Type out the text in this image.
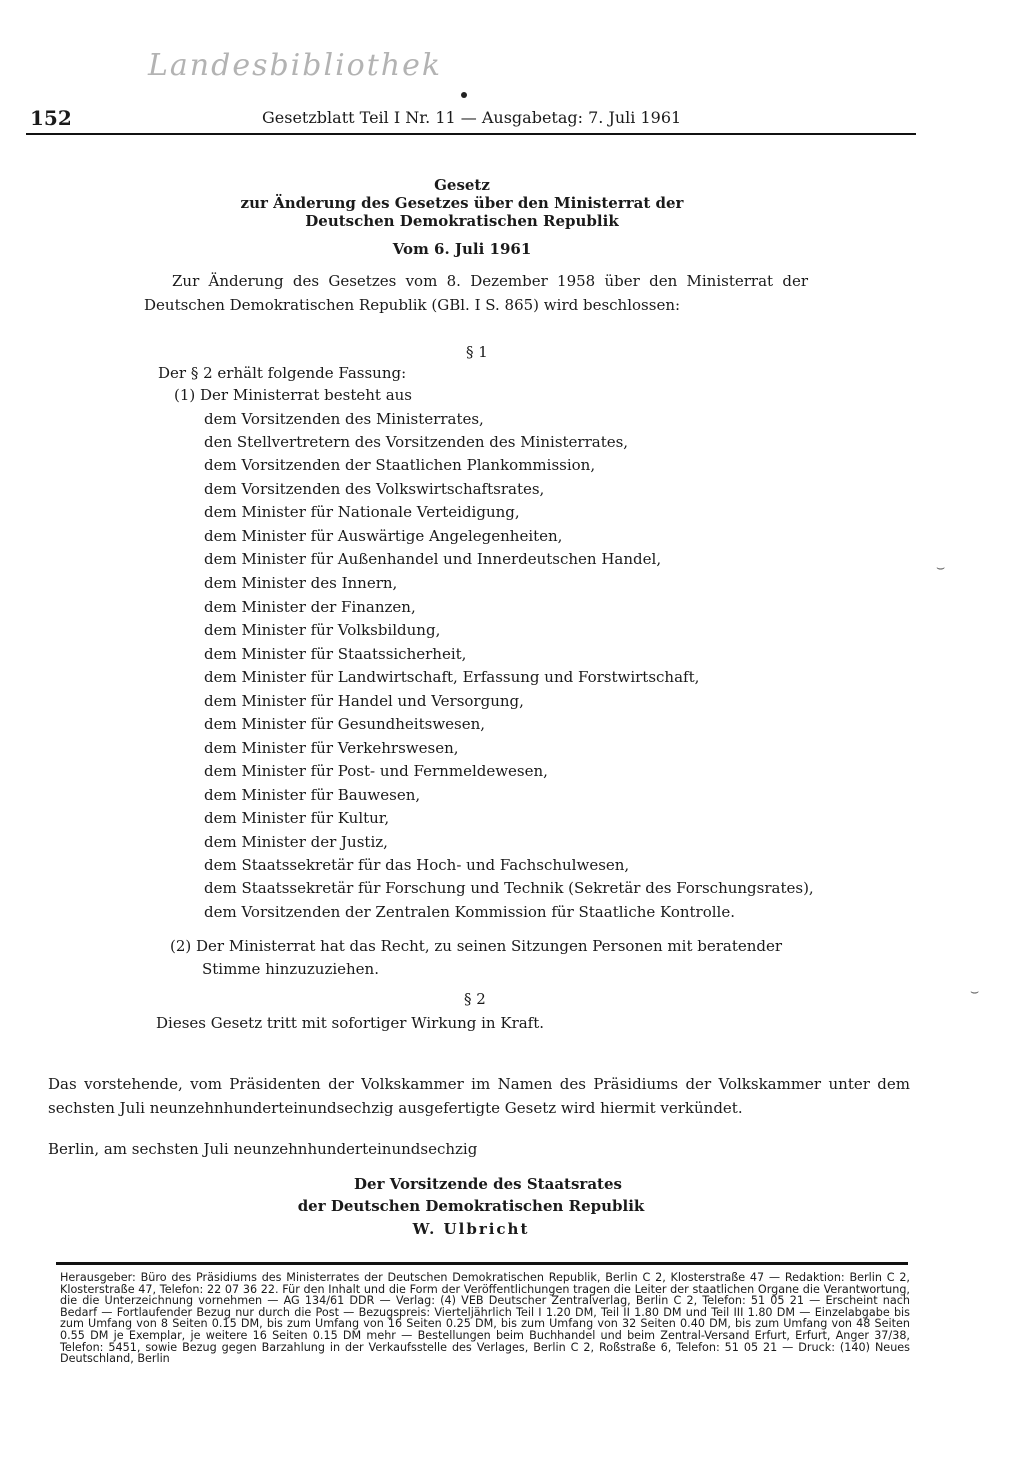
Landesbibliothek
152	Gesetzblatt Teil I Nr. 11 — Ausgabetag: 7. Juli 1961
Gesetz
zur Änderung des Gesetzes über den Ministerrat der
Deutschen Demokratischen Republik
Vom 6. Juli 1961
Zur Änderung des Gesetzes vom 8. Dezember 1958 über den Ministerrat der
Deutschen Demokratischen Republik (GBl. I S. 865) wird beschlossen:
§ 1
Der § 2 erhält folgende Fassung:
(1) Der Ministerrat besteht aus
dem Vorsitzenden des Ministerrates,
den Stellvertretern des Vorsitzenden des Ministerrates,
dem Vorsitzenden der Staatlichen Plankommission,
dem Vorsitzenden des Volkswirtschaftsrates,
dem Minister für Nationale Verteidigung,
dem Minister für Auswärtige Angelegenheiten,
dem Minister für Außenhandel und Innerdeutschen Handel,
dem Minister des Innern,
dem Minister der Finanzen,
dem Minister für Volksbildung,
dem Minister für Staatssicherheit,
dem Minister für Landwirtschaft, Erfassung und Forstwirtschaft,
dem Minister für Handel und Versorgung,
dem Minister für Gesundheitswesen,
dem Minister für Verkehrswesen,
dem Minister für Post- und Fernmeldewesen,
dem Minister für Bauwesen,
dem Minister für Kultur,
dem Minister der Justiz,
dem Staatssekretär für das Hoch- und Fachschulwesen,
dem Staatssekretär für Forschung und Technik (Sekretär des Forschungsrates),
dem Vorsitzenden der Zentralen Kommission für Staatliche Kontrolle.
(2) Der Ministerrat hat das Recht, zu seinen Sitzungen Personen mit beratender
Stimme hinzuzuziehen.
§ 2
Dieses Gesetz tritt mit sofortiger Wirkung in Kraft.
⌣
⌣
Das vorstehende, vom Präsidenten der Volkskammer im Namen des Präsidiums der Volkskammer unter dem
sechsten Juli neunzehnhunderteinundsechzig ausgefertigte Gesetz wird hiermit verkündet.
Berlin, am sechsten Juli neunzehnhunderteinundsechzig
Der Vorsitzende des Staatsrates
der Deutschen Demokratischen Republik
W. Ulbricht
Herausgeber: Büro des Präsidiums des Ministerrates der Deutschen Demokratischen Republik, Berlin C 2, Klosterstraße 47 — Redaktion: Berlin C 2, Klosterstraße 47, Telefon: 22 07 36 22. Für den Inhalt und die Form der Veröffentlichungen tragen die Leiter der staatlichen Organe die Verantwortung, die die Unterzeichnung vornehmen — AG 134/61 DDR — Verlag: (4) VEB Deutscher Zentralverlag, Berlin C 2, Telefon: 51 05 21 — Erscheint nach Bedarf — Fortlaufender Bezug nur durch die Post — Bezugspreis: Vierteljährlich Teil I 1.20 DM, Teil II 1.80 DM und Teil III 1.80 DM — Einzelabgabe bis zum Umfang von 8 Seiten 0.15 DM, bis zum Umfang von 16 Seiten 0.25 DM, bis zum Umfang von 32 Seiten 0.40 DM, bis zum Umfang von 48 Seiten 0.55 DM je Exemplar, je weitere 16 Seiten 0.15 DM mehr — Bestellungen beim Buchhandel und beim Zentral-Versand Erfurt, Erfurt, Anger 37/38, Telefon: 5451, sowie Bezug gegen Barzahlung in der Verkaufsstelle des Verlages, Berlin C 2, Roßstraße 6, Telefon: 51 05 21 — Druck: (140) Neues Deutschland, Berlin
